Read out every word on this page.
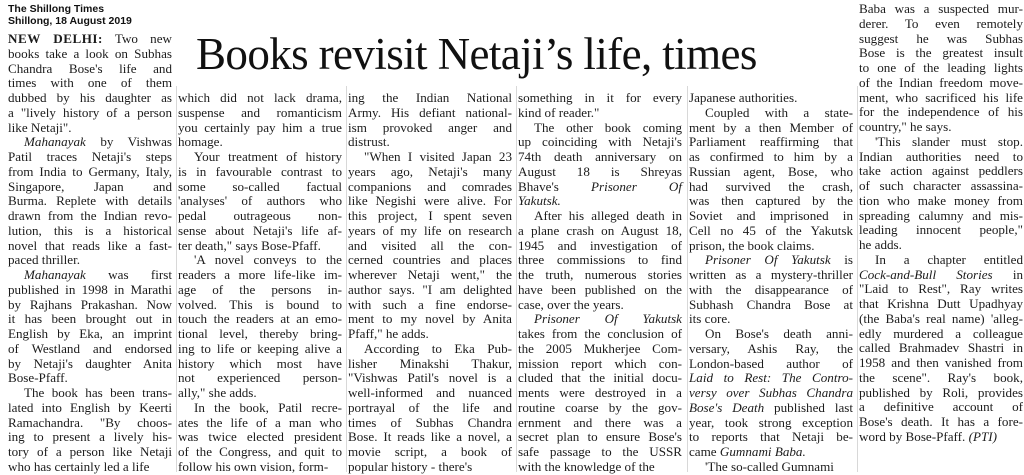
The Shillong Times
Shillong, 18 August 2019
Books revisit Netaji’s life, times
NEW DELHI: Two new
books take a look on Subhas
Chandra Bose's life and
times with one of them
dubbed by his daughter as
a "lively history of a person
like Netaji".
Mahanayak by Vishwas
Patil traces Netaji's steps
from India to Germany, Italy,
Singapore, Japan and
Burma. Replete with details
drawn from the Indian revo-
lution, this is a historical
novel that reads like a fast-
paced thriller.
Mahanayak was first
published in 1998 in Marathi
by Rajhans Prakashan. Now
it has been brought out in
English by Eka, an imprint
of Westland and endorsed
by Netaji's daughter Anita
Bose-Pfaff.
The book has been trans-
lated into English by Keerti
Ramachandra. "By choos-
ing to present a lively his-
tory of a person like Netaji
who has certainly led a life
which did not lack drama,
suspense and romanticism
you certainly pay him a true
homage.
Your treatment of history
is in favourable contrast to
some so-called factual
'analyses' of authors who
pedal outrageous non-
sense about Netaji's life af-
ter death," says Bose-Pfaff.
'A novel conveys to the
readers a more life-like im-
age of the persons in-
volved. This is bound to
touch the readers at an emo-
tional level, thereby bring-
ing to life or keeping alive a
history which most have
not experienced person-
ally," she adds.
In the book, Patil recre-
ates the life of a man who
was twice elected president
of the Congress, and quit to
follow his own vision, form-
ing the Indian National
Army. His defiant national-
ism provoked anger and
distrust.
"When I visited Japan 23
years ago, Netaji's many
companions and comrades
like Negishi were alive. For
this project, I spent seven
years of my life on research
and visited all the con-
cerned countries and places
wherever Netaji went," the
author says. "I am delighted
with such a fine endorse-
ment to my novel by Anita
Pfaff," he adds.
According to Eka Pub-
lisher Minakshi Thakur,
"Vishwas Patil's novel is a
well-informed and nuanced
portrayal of the life and
times of Subhas Chandra
Bose. It reads like a novel, a
movie script, a book of
popular history - there's
something in it for every
kind of reader."
The other book coming
up coinciding with Netaji's
74th death anniversary on
August 18 is Shreyas
Bhave's Prisoner Of
Yakutsk.
After his alleged death in
a plane crash on August 18,
1945 and investigation of
three commissions to find
the truth, numerous stories
have been published on the
case, over the years.
Prisoner Of Yakutsk
takes from the conclusion of
the 2005 Mukherjee Com-
mission report which con-
cluded that the initial docu-
ments were destroyed in a
routine coarse by the gov-
ernment and there was a
secret plan to ensure Bose's
safe passage to the USSR
with the knowledge of the
Japanese authorities.
Coupled with a state-
ment by a then Member of
Parliament reaffirming that
as confirmed to him by a
Russian agent, Bose, who
had survived the crash,
was then captured by the
Soviet and imprisoned in
Cell no 45 of the Yakutsk
prison, the book claims.
Prisoner Of Yakutsk is
written as a mystery-thriller
with the disappearance of
Subhash Chandra Bose at
its core.
On Bose's death anni-
versary, Ashis Ray, the
London-based author of
Laid to Rest: The Contro-
versy over Subhas Chandra
Bose's Death published last
year, took strong exception
to reports that Netaji be-
came Gumnami Baba.
'The so-called Gumnami
Baba was a suspected mur-
derer. To even remotely
suggest he was Subhas
Bose is the greatest insult
to one of the leading lights
of the Indian freedom move-
ment, who sacrificed his life
for the independence of his
country," he says.
'This slander must stop.
Indian authorities need to
take action against peddlers
of such character assassina-
tion who make money from
spreading calumny and mis-
leading innocent people,"
he adds.
In a chapter entitled
Cock-and-Bull Stories in
"Laid to Rest", Ray writes
that Krishna Dutt Upadhyay
(the Baba's real name) 'alleg-
edly murdered a colleague
called Brahmadev Shastri in
1958 and then vanished from
the scene". Ray's book,
published by Roli, provides
a definitive account of
Bose's death. It has a fore-
word by Bose-Pfaff. (PTI)
